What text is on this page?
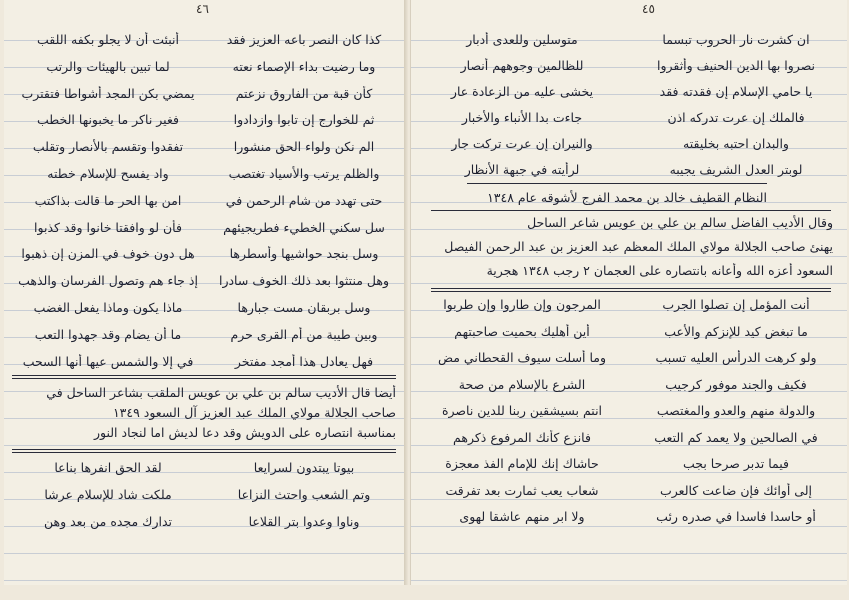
كذا كان النصر باعه العزيز فقد
أنبئت أن لا يجلو بكفه اللقب
وما رضيت بداء الإصماء نعته
لما تبين بالهيئات والرتب
كأن قبة من الفاروق نزعتم
يمضي بكن المجد أشواطا فتقترب
ثم للخوارج إن تابوا وازدادوا
فغير ناكر ما يخبونها الخطب
الم نكن ولواء الحق منشورا
تفقدوا وتقسم بالأنصار وتقلب
والظلم يرتب والأسياد تغتصب
واد يفسح للإسلام خطته
حتى تهدد من شام الرحمن في
امن بها الحر ما قالت بذاكتب
سل سكني الخطيء فطريجيئهم
فأن لو وافقتا خانوا وقد كذبوا
وسل بنجد حواشيها وأسطرها
هل دون خوف في المزن إن ذهبوا
وهل منتثوا بعد ذلك الخوف سادرا
إذ جاء هم وتصول الفرسان والذهب
وسل بربقان مست جبارها
ماذا يكون وماذا يفعل الغضب
وبين طيبة من أم القرى حرم
ما أن يضام وقد جهدوا التعب
فهل يعادل هذا أمجد مفتخر
في إلا والشمس عيها أنها السحب
أيضا قال الأديب سالم بن علي بن عويس الملقب بشاعر الساحل في
صاحب الجلالة مولاي الملك عبد العزيز آل السعود ١٣٤٩
بمناسبة انتصاره على الدويش وقد دعا لديش اما لنجاد النور
بيوتا يبتدون لسرايعا
لقد الحق انفرها بناعا
وتم الشعب واحتث النزاعا
ملكت شاد للإسلام عرشا
وناوا وعدوا بتر القلاعا
تدارك مجده من بعد وهن
ان كشرت نار الحروب تبسما
متوسلين وللعدى أدبار
نصروا بها الدين الحنيف وأثقروا
للظالمين وجوههم أنصار
يا حامي الإسلام إن فقدته فقد
يخشى عليه من الزعادة عار
فالملك إن عرت تدركه اذن
جاءت بدا الأنباء والأخبار
والبدان احتبه بخليقته
والنيران إن عرت تركت جار
لوبتر العدل الشريف يجيبه
لرأيته في جبهة الأنظار
النظام القطيف خالد بن محمد الفرج لأشوقه عام ١٣٤٨
وقال الأديب الفاضل سالم بن علي بن عويس شاعر الساحل
يهنئ صاحب الجلالة مولاي الملك المعظم عبد العزيز بن عبد الرحمن الفيصل
السعود أعزه الله وأعانه بانتصاره على العجمان ٢ رجب ١٣٤٨ هجرية
أنت المؤمل إن تصلوا الجرب
المرجون وإن طاروا وإن طربوا
ما تبغض كيد للإنزكم والأعب
أين أهليك بحميت صاحبتهم
ولو كرهت الدرأس العليه تسبب
وما أسلت سيوف القحطاني مض
فكيف والجند موفور كرجيب
الشرع بالإسلام من صحة
والدولة منهم والعدو والمغتصب
انتم بسيشقين ربنا للدين ناصرة
في الصالحين ولا يعمد كم التعب
فانزع كأنك المرفوع ذكرهم
فيما تدبر صرحا بجب
حاشاك إنك للإمام الفذ معجزة
إلى أوائك فإن ضاعت كالعرب
شعاب يعب ثمارت بعد تفرقت
أو حاسدا فاسدا في صدره رئب
ولا ابر منهم عاشقا لهوى
٤٦	٤٥
